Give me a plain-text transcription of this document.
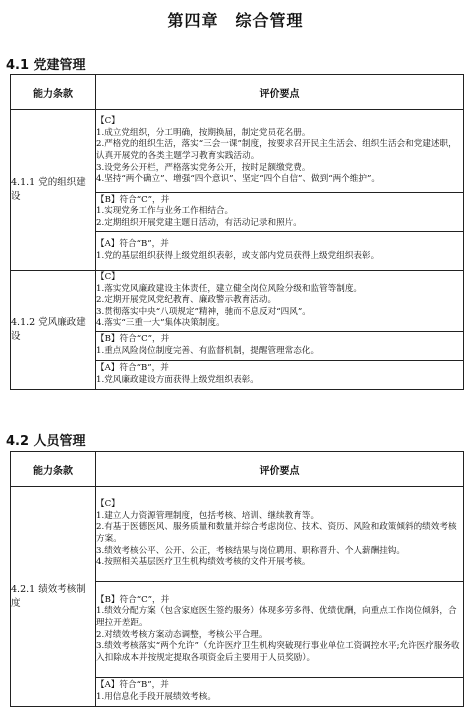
第四章　综合管理
4.1 党建管理
能力条款	评价要点
4.1.1 党的组织建设	【C】
1.成立党组织，分工明确，按期换届，制定党员花名册。
2.严格党的组织生活，落实“三会一课”制度，按要求召开民主生活会、组织生活会和党建述职，认真开展党的各类主题学习教育实践活动。
3.设党务公开栏，严格落实党务公开，按时足额缴党费。
4.坚持“两个确立”、增强“四个意识”、坚定“四个自信”、做到“两个维护”。

	【B】符合“C”，并
1.实现党务工作与业务工作相结合。
2.定期组织开展党建主题日活动，有活动记录和照片。

	【A】符合“B”，并
1.党的基层组织获得上级党组织表彰，或支部内党员获得上级党组织表彰。

4.1.2 党风廉政建设	【C】
1.落实党风廉政建设主体责任，建立健全岗位风险分级和监管等制度。
2.定期开展党风党纪教育、廉政警示教育活动。
3.贯彻落实中央“八项规定”精神，驰而不息反对“四风”。
4.落实“三重一大”集体决策制度。

	【B】符合“C”，并
1.重点风险岗位制度完善、有监督机制，提醒管理常态化。

	【A】符合“B”，并
1.党风廉政建设方面获得上级党组织表彰。
4.2 人员管理
能力条款	评价要点
4.2.1 绩效考核制度	【C】
1.建立人力资源管理制度，包括考核、培训、继续教育等。
2.有基于医德医风、服务质量和数量并综合考虑岗位、技术、资历、风险和政策倾斜的绩效考核方案。
3.绩效考核公平、公开、公正，考核结果与岗位聘用、职称晋升、个人薪酬挂钩。
4.按照相关基层医疗卫生机构绩效考核的文件开展考核。

	【B】符合“C”，并
1.绩效分配方案（包含家庭医生签约服务）体现多劳多得、优绩优酬，向重点工作岗位倾斜，合理拉开差距。
2.对绩效考核方案动态调整，考核公平合理。
3.绩效考核落实“两个允许”（允许医疗卫生机构突破现行事业单位工资调控水平;允许医疗服务收入扣除成本并按规定提取各项资金后主要用于人员奖励）。

	【A】符合“B”，并
1.用信息化手段开展绩效考核。
